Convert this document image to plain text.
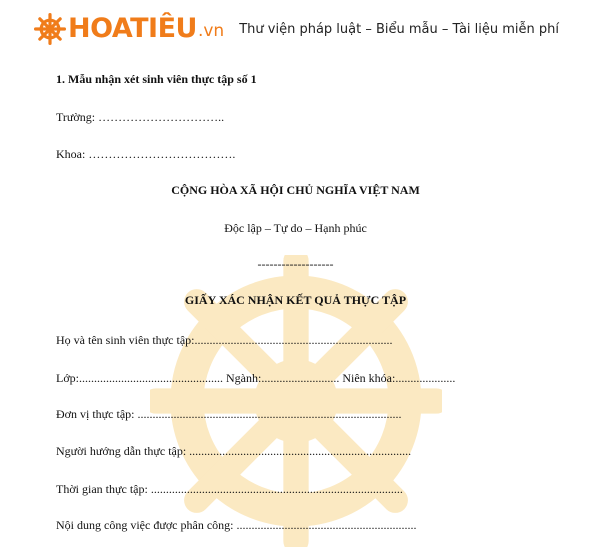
HOATIÊU .vn Thư viện pháp luật – Biểu mẫu – Tài liệu miễn phí
1. Mẫu nhận xét sinh viên thực tập số 1
Trường: …………………………..
Khoa: ……………………………….
CỘNG HÒA XÃ HỘI CHỦ NGHĨA VIỆT NAM
Độc lập – Tự do – Hạnh phúc
-------------------
GIẤY XÁC NHẬN KẾT QUẢ THỰC TẬP
Họ và tên sinh viên thực tập:..................................................................
Lớp:................................................ Ngành:.......................... Niên khóa:....................
Đơn vị thực tập: ........................................................................................
Người hướng dẫn thực tập: ..........................................................................
Thời gian thực tập: ....................................................................................
Nội dung công việc được phân công: ............................................................
